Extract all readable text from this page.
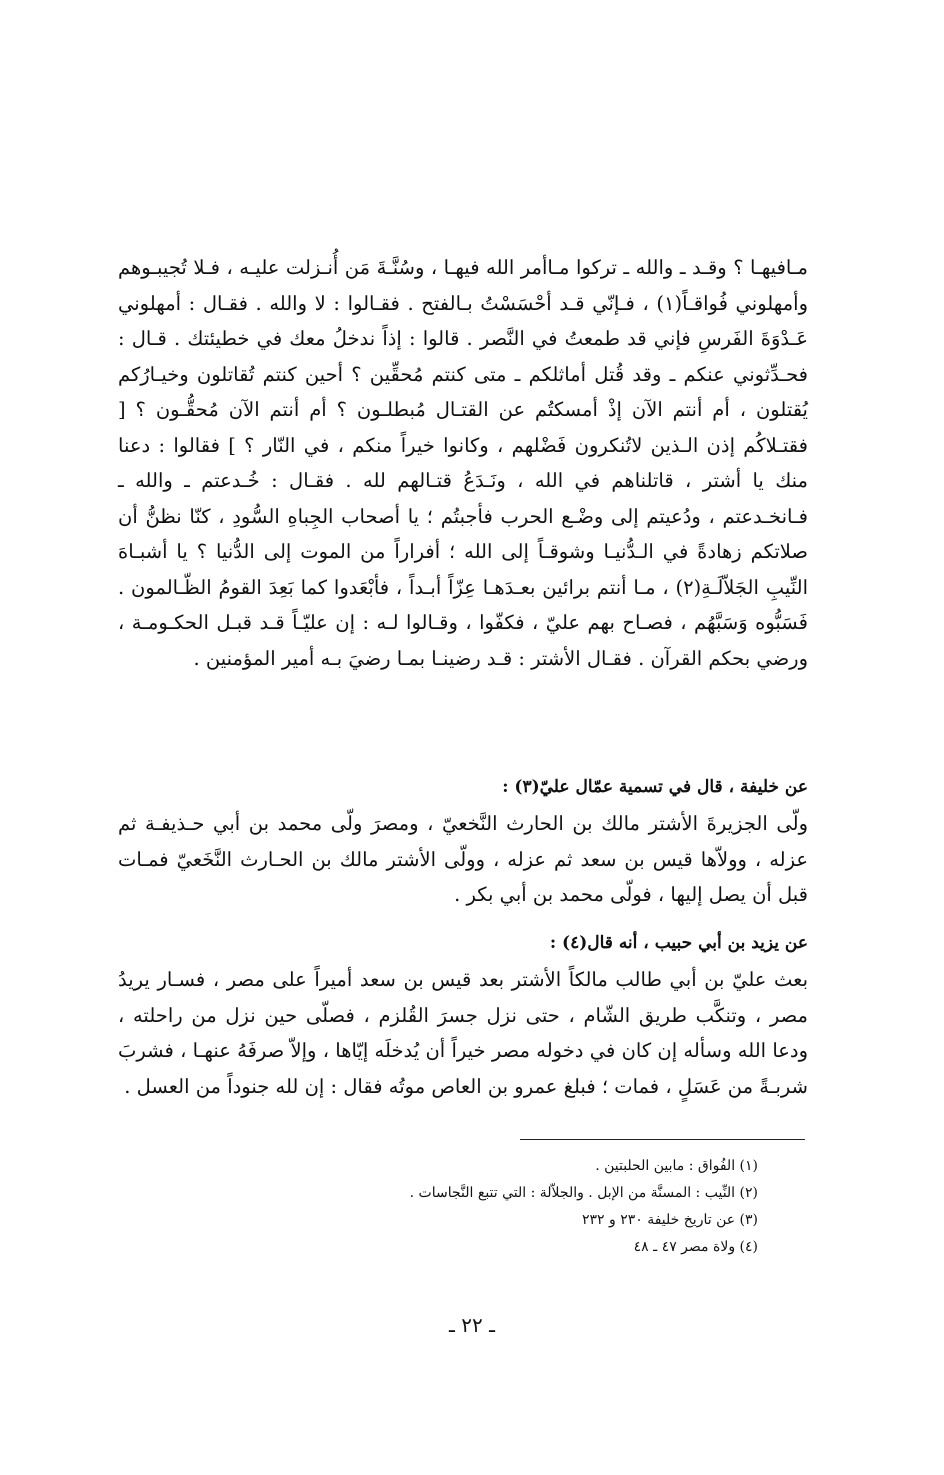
مـافيهـا ؟ وقـد ـ والله ـ تركوا مـاأمر الله فيهـا ، وسُنَّـةَ مَن أُنـزلت عليـه ، فـلا تُجيبـوهم وأمهلوني فُواقـاً(١) ، فـإنّي قـد أحْسَسْتُ بـالفتح . فقـالوا : لا والله . فقـال : أمهلوني عَـدْوَةَ الفَرسِ فإني قد طمعتُ في النَّصر . قالوا : إذاً ندخلُ معك في خطيئتك . قـال : فحـدِّثوني عنكم ـ وقد قُتل أماثلكم ـ متى كنتم مُحقِّين ؟ أحين كنتم تُقاتلون وخيـارُكم يُقتلون ، أم أنتم الآن إذْ أمسكتُم عن القتـال مُبطلـون ؟ أم أنتم الآن مُحقُّـون ؟ [ فقتـلاكُم إذن الـذين لاتُنكرون فَضْلهم ، وكانوا خيراً منكم ، في النّار ؟ ] فقالوا : دعنا منك يا أشتر ، قاتلناهم في الله ، ونَـدَعُ قتـالهم لله . فقـال : خُـدعتم ـ والله ـ فـانخـدعتم ، ودُعيتم إلى وضْـع الحرب فأجبتُم ؛ يا أصحاب الجِباهِ السُّودِ ، كنّا نظنُّ أن صلاتكم زهادةً في الـدُّنيـا وشوقـاً إلى الله ؛ أفراراً من الموت إلى الدُّنيا ؟ يا أشبـاهَ النِّيبِ الجَلاّلَـةِ(٢) ، مـا أنتم برائين بعـدَهـا عِزّاً أبـداً ، فأبْعَدوا كما بَعِدَ القومُ الظّـالمون . فَسَبُّوه وَسَبَّهُم ، فصـاح بهم عليّ ، فكفّوا ، وقـالوا لـه : إن عليّـاً قـد قبـل الحكـومـة ، ورضي بحكم القرآن . فقـال الأشتر : قـد رضينـا بمـا رضيَ بـه أمير المؤمنين .

عن خليفة ، قال في تسمية عمّال عليّ(٣) :
ولّى الجزيرةَ الأشتر مالك بن الحارث النَّخعيّ ، ومصرَ ولّى محمد بن أبي حـذيفـة ثم عزله ، وولاّها قيس بن سعد ثم عزله ، وولّى الأشتر مالك بن الحـارث النَّخَعيّ فمـات قبل أن يصل إليها ، فولّى محمد بن أبي بكر .
عن يزيد بن أبي حبيب ، أنه قال(٤) :
بعث عليّ بن أبي طالب مالكاً الأشتر بعد قيس بن سعد أميراً على مصر ، فسـار يريدُ مصر ، وتنكَّب طريق الشّام ، حتى نزل جسرَ القُلزم ، فصلّى حين نزل من راحلته ، ودعا الله وسأله إن كان في دخوله مصر خيراً أن يُدخلَه إيّاها ، وإلاّ صرفَهُ عنهـا ، فشربَ شربـةً من عَسَلٍ ، فمات ؛ فبلغ عمرو بن العاص موتُه فقال : إن لله جنوداً من العسل .
(١) الفُواق : مابين الحلبتين .
(٢) النِّيب : المسنَّة من الإبل . والجلاّلة : التي تتبع النَّجاسات .
(٣) عن تاريخ خليفة ٢٣٠ و ٢٣٢
(٤) ولاة مصر ٤٧ ـ ٤٨
ـ ٢٢ ـ
